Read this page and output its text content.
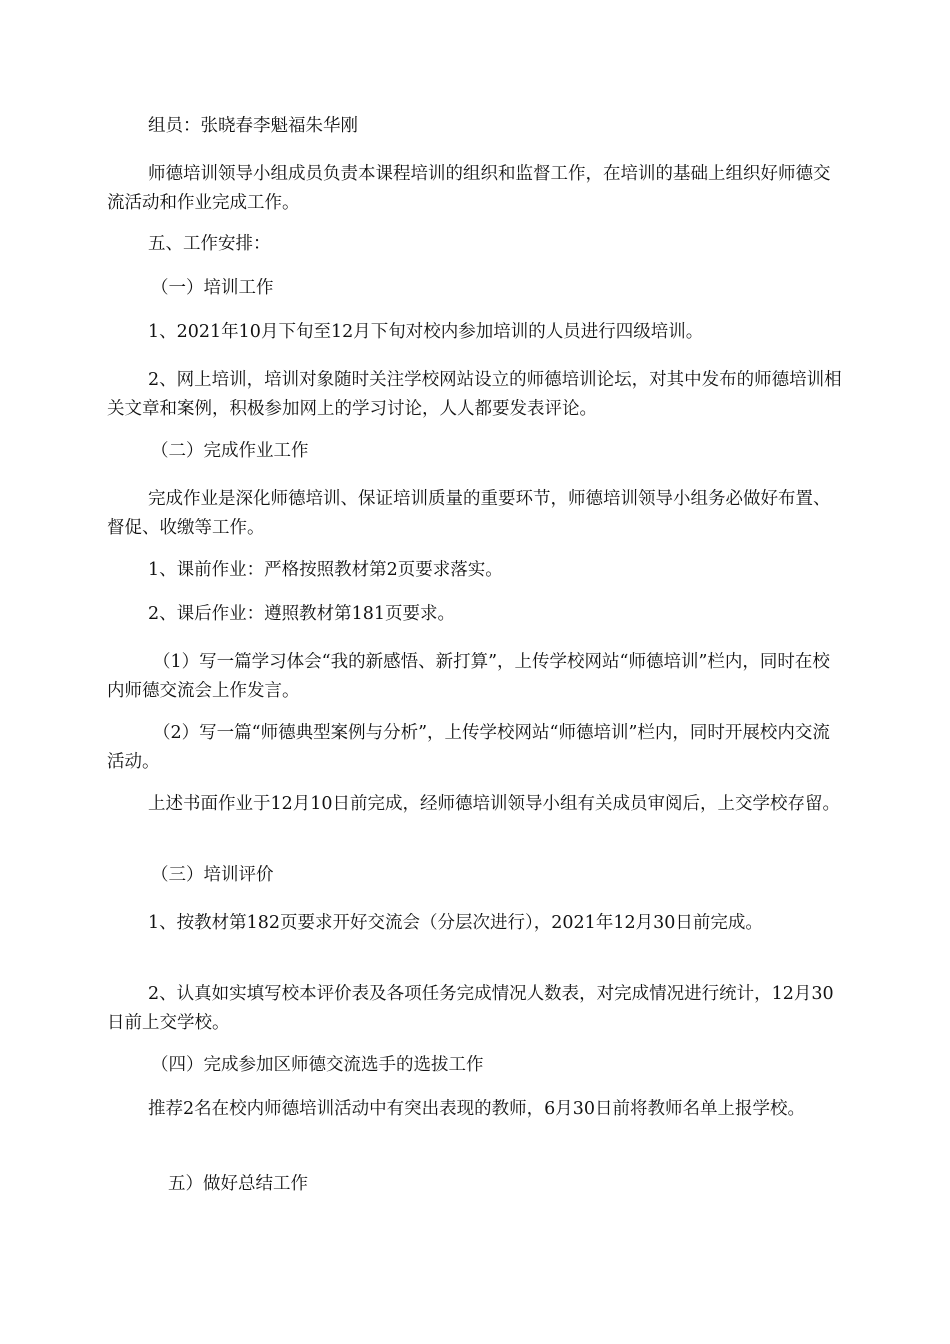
组员：张晓春李魁福朱华刚

师德培训领导小组成员负责本课程培训的组织和监督工作，在培训的基础上组织好师德交流活动和作业完成工作。

五、工作安排：

（一）培训工作

1、2021年10月下旬至12月下旬对校内参加培训的人员进行四级培训。

2、网上培训，培训对象随时关注学校网站设立的师德培训论坛，对其中发布的师德培训相关文章和案例，积极参加网上的学习讨论，人人都要发表评论。

（二）完成作业工作

完成作业是深化师德培训、保证培训质量的重要环节，师德培训领导小组务必做好布置、督促、收缴等工作。

1、课前作业：严格按照教材第2页要求落实。

2、课后作业：遵照教材第181页要求。

（1）写一篇学习体会“我的新感悟、新打算”，上传学校网站“师德培训”栏内，同时在校内师德交流会上作发言。

（2）写一篇“师德典型案例与分析”，上传学校网站“师德培训”栏内，同时开展校内交流活动。

上述书面作业于12月10日前完成，经师德培训领导小组有关成员审阅后，上交学校存留。

（三）培训评价

1、按教材第182页要求开好交流会（分层次进行），2021年12月30日前完成。

2、认真如实填写校本评价表及各项任务完成情况人数表，对完成情况进行统计，12月30日前上交学校。

（四）完成参加区师德交流选手的选拔工作

推荐2名在校内师德培训活动中有突出表现的教师，6月30日前将教师名单上报学校。

五）做好总结工作
